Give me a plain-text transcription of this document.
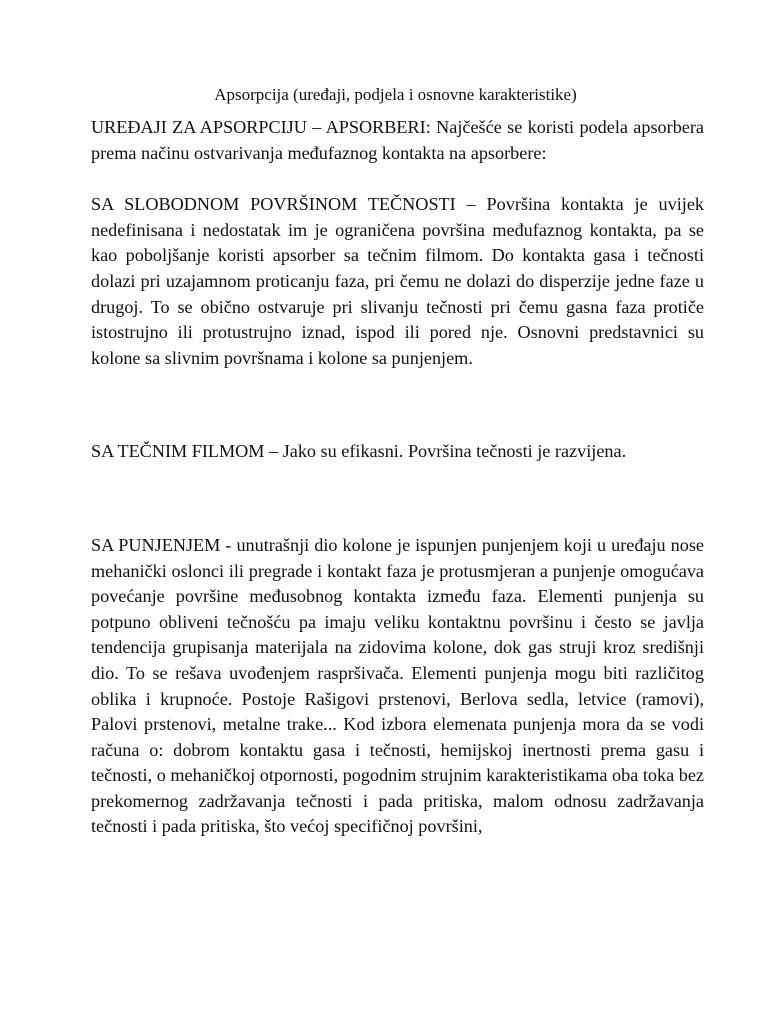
Apsorpcija (uređaji, podjela i osnovne karakteristike)

UREĐAJI ZA APSORPCIJU – APSORBERI: Najčešće se koristi podela apsorbera prema načinu ostvarivanja međufaznog kontakta na apsorbere:

SA SLOBODNOM POVRŠINOM TEČNOSTI – Površina kontakta je uvijek nedefinisana i nedostatak im je ograničena površina međufaznog kontakta, pa se kao poboljšanje koristi apsorber sa tečnim filmom. Do kontakta gasa i tečnosti dolazi pri uzajamnom proticanju faza, pri čemu ne dolazi do disperzije jedne faze u drugoj. To se obično ostvaruje pri slivanju tečnosti pri čemu gasna faza protiče istostrujno ili protustrujno iznad, ispod ili pored nje. Osnovni predstavnici su kolone sa slivnim površnama i kolone sa punjenjem.

SA TEČNIM FILMOM – Jako su efikasni. Površina tečnosti je razvijena.

SA PUNJENJEM - unutrašnji dio kolone je ispunjen punjenjem koji u uređaju nose mehanički oslonci ili pregrade i kontakt faza je protusmjeran a punjenje omogućava povećanje površine međusobnog kontakta između faza. Elementi punjenja su potpuno obliveni tečnošću pa imaju veliku kontaktnu površinu i često se javlja tendencija grupisanja materijala na zidovima kolone, dok gas struji kroz središnji dio. To se rešava uvođenjem raspršivača. Elementi punjenja mogu biti različitog oblika i krupnoće. Postoje Rašigovi prstenovi, Berlova sedla, letvice (ramovi), Palovi prstenovi, metalne trake... Kod izbora elemenata punjenja mora da se vodi računa o: dobrom kontaktu gasa i tečnosti, hemijskoj inertnosti prema gasu i tečnosti, o mehaničkoj otpornosti, pogodnim strujnim karakteristikama oba toka bez prekomernog zadržavanja tečnosti i pada pritiska, malom odnosu zadržavanja tečnosti i pada pritiska, što većoj specifičnoj površini,
